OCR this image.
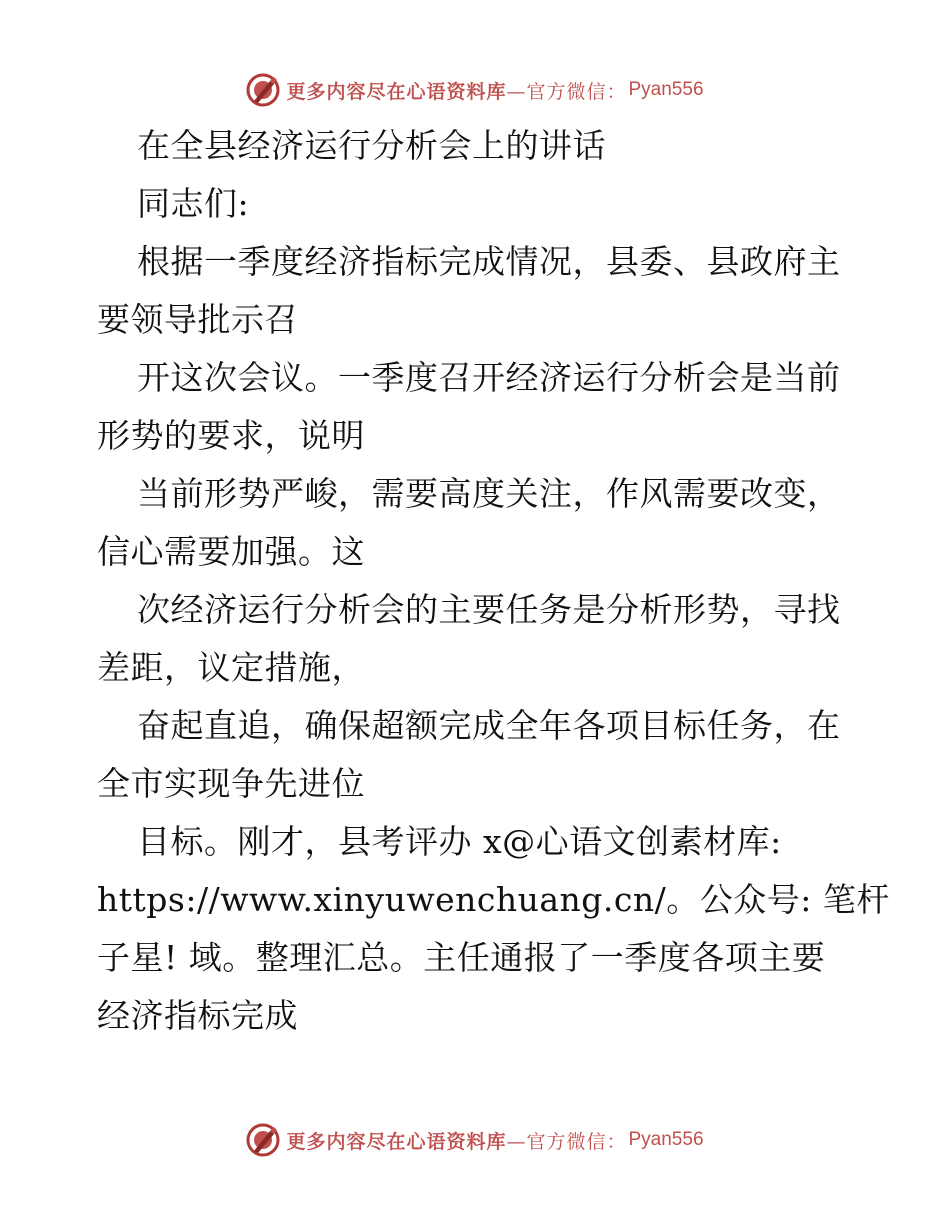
更多内容尽在心语资料库 —官方微信： Pyan556
在全县经济运行分析会上的讲话
同志们:
根据一季度经济指标完成情况，县委、县政府主
要领导批示召
开这次会议。一季度召开经济运行分析会是当前
形势的要求，说明
当前形势严峻，需要高度关注，作风需要改变，
信心需要加强。这
次经济运行分析会的主要任务是分析形势，寻找
差距，议定措施，
奋起直追，确保超额完成全年各项目标任务，在
全市实现争先进位
目标。刚才，县考评办 x@心语文创素材库:
https://www.xinyuwenchuang.cn/。公众号: 笔杆
子星! 域。整理汇总。主任通报了一季度各项主要
经济指标完成
更多内容尽在心语资料库 —官方微信： Pyan556
